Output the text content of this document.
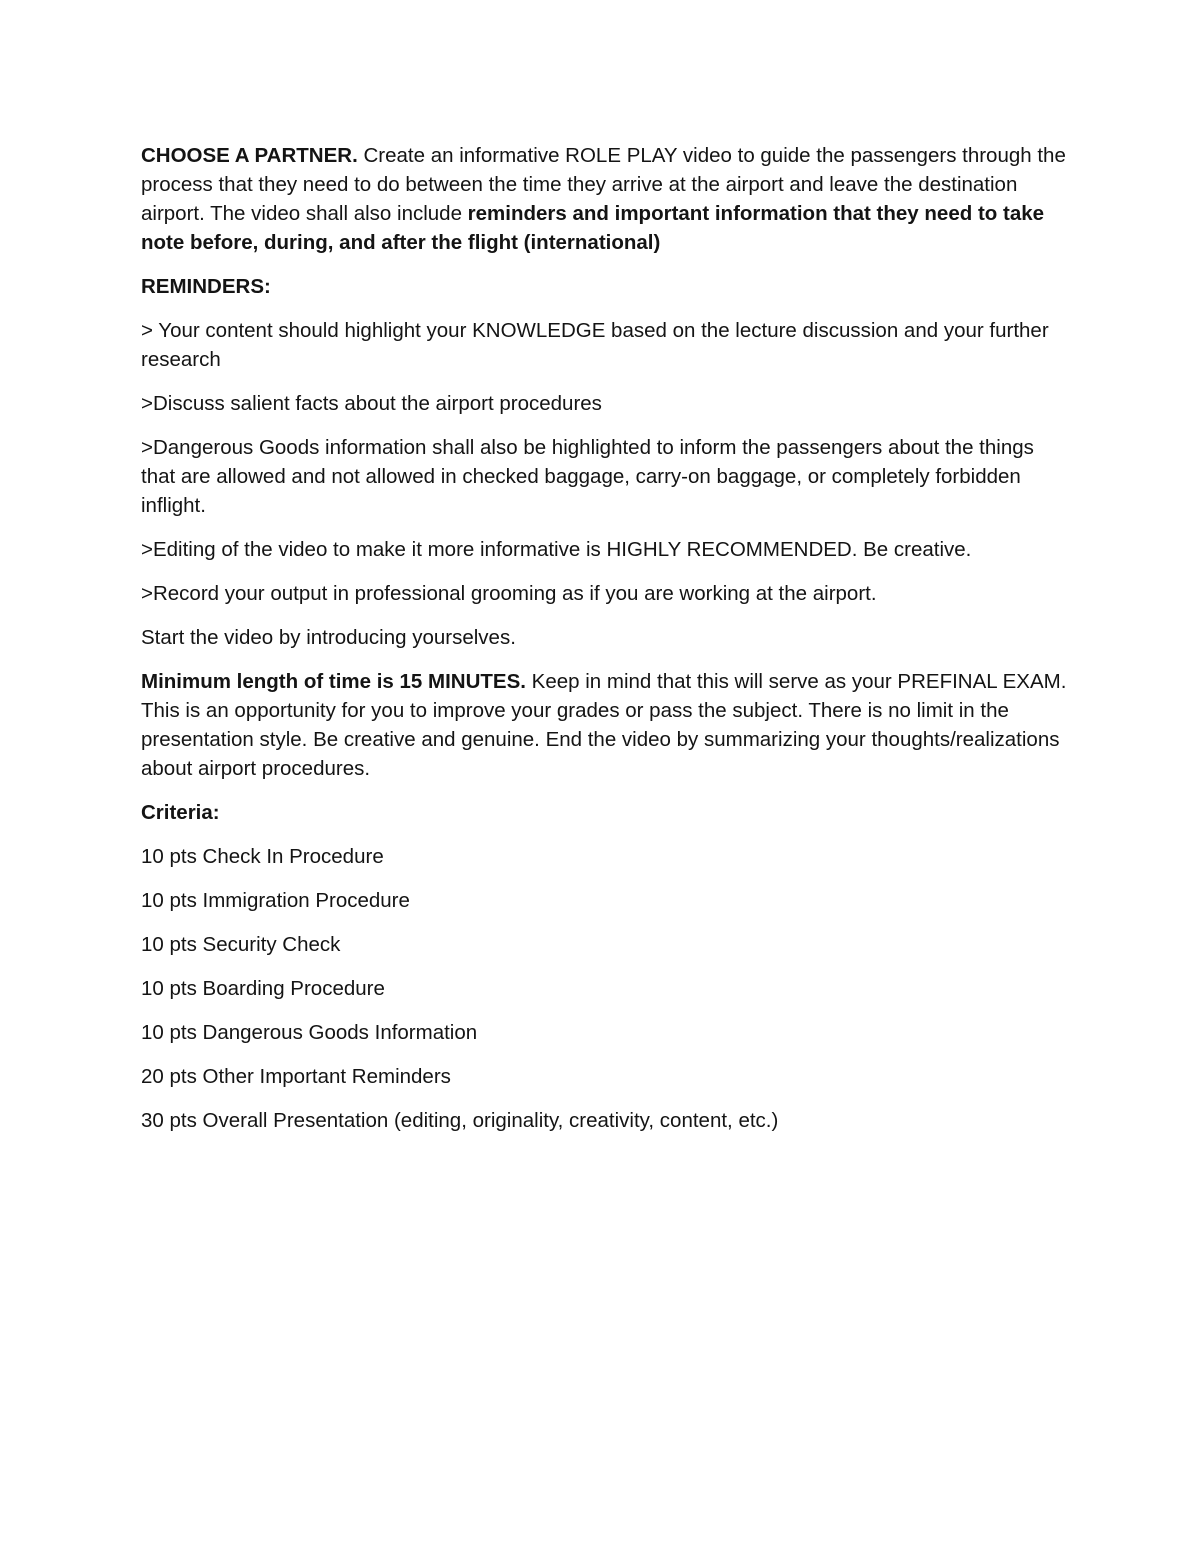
CHOOSE A PARTNER. Create an informative ROLE PLAY video to guide the passengers through the process that they need to do between the time they arrive at the airport and leave the destination airport. The video shall also include reminders and important information that they need to take note before, during, and after the flight (international)

REMINDERS:

> Your content should highlight your KNOWLEDGE based on the lecture discussion and your further research

>Discuss salient facts about the airport procedures

>Dangerous Goods information shall also be highlighted to inform the passengers about the things that are allowed and not allowed in checked baggage, carry-on baggage, or completely forbidden inflight.

>Editing of the video to make it more informative is HIGHLY RECOMMENDED. Be creative.

>Record your output in professional grooming as if you are working at the airport.

Start the video by introducing yourselves.

Minimum length of time is 15 MINUTES. Keep in mind that this will serve as your PREFINAL EXAM. This is an opportunity for you to improve your grades or pass the subject. There is no limit in the presentation style. Be creative and genuine. End the video by summarizing your thoughts/realizations about airport procedures.

Criteria:

10 pts Check In Procedure

10 pts Immigration Procedure

10 pts Security Check

10 pts Boarding Procedure

10 pts Dangerous Goods Information

20 pts Other Important Reminders

30 pts Overall Presentation (editing, originality, creativity, content, etc.)
